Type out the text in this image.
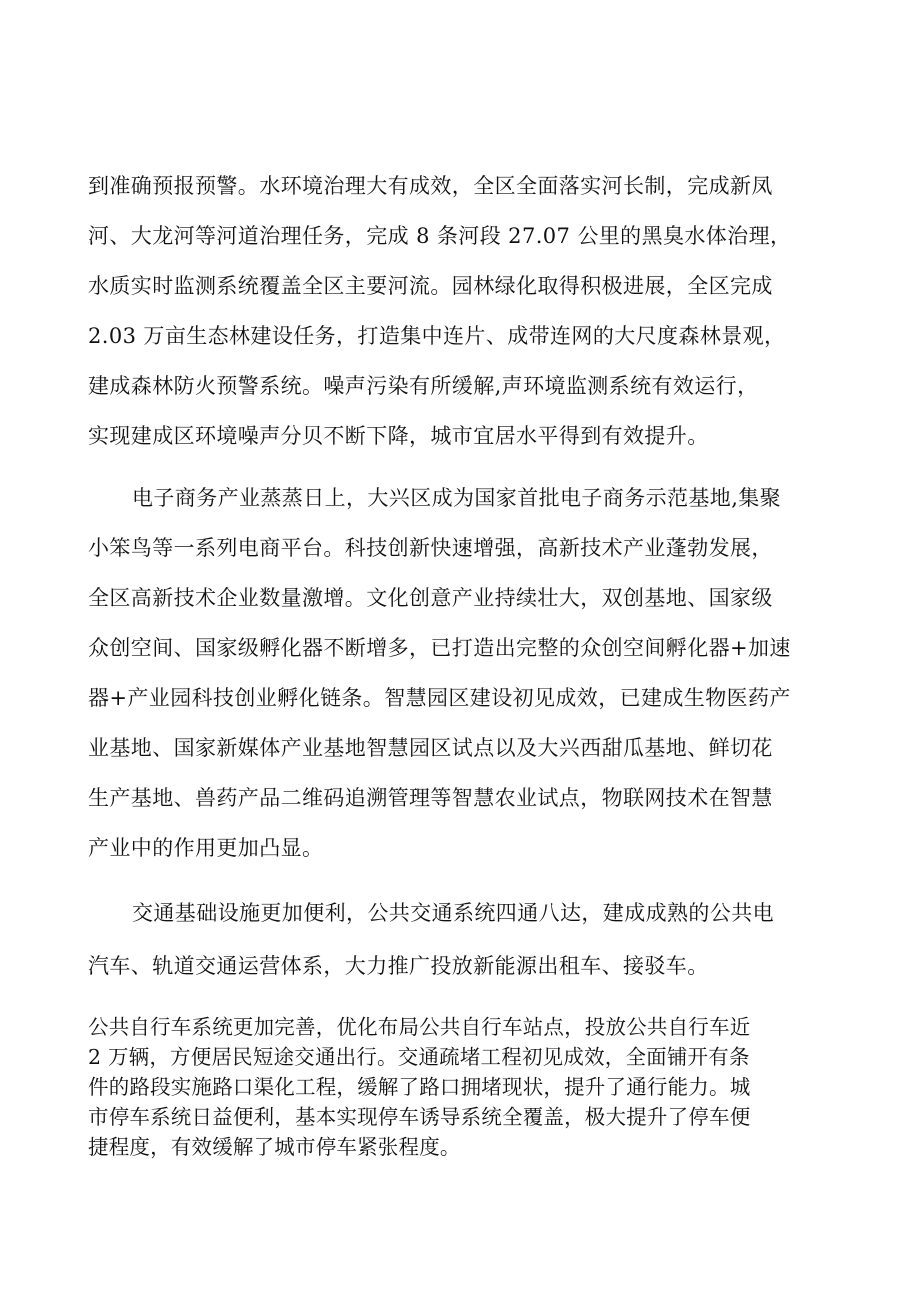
到准确预报预警。水环境治理大有成效，全区全面落实河长制，完成新凤
河、大龙河等河道治理任务，完成 8 条河段 27.07 公里的黑臭水体治理，
水质实时监测系统覆盖全区主要河流。园林绿化取得积极进展，全区完成
2.03 万亩生态林建设任务，打造集中连片、成带连网的大尺度森林景观，
建成森林防火预警系统。噪声污染有所缓解,声环境监测系统有效运行，
实现建成区环境噪声分贝不断下降，城市宜居水平得到有效提升。
电子商务产业蒸蒸日上，大兴区成为国家首批电子商务示范基地,集聚
小笨鸟等一系列电商平台。科技创新快速增强，高新技术产业蓬勃发展，
全区高新技术企业数量激增。文化创意产业持续壮大，双创基地、国家级
众创空间、国家级孵化器不断增多，已打造出完整的众创空间孵化器+加速
器+产业园科技创业孵化链条。智慧园区建设初见成效，已建成生物医药产
业基地、国家新媒体产业基地智慧园区试点以及大兴西甜瓜基地、鲜切花
生产基地、兽药产品二维码追溯管理等智慧农业试点，物联网技术在智慧
产业中的作用更加凸显。
交通基础设施更加便利，公共交通系统四通八达，建成成熟的公共电
汽车、轨道交通运营体系，大力推广投放新能源出租车、接驳车。
公共自行车系统更加完善，优化布局公共自行车站点，投放公共自行车近
2 万辆，方便居民短途交通出行。交通疏堵工程初见成效，全面铺开有条
件的路段实施路口渠化工程，缓解了路口拥堵现状，提升了通行能力。城
市停车系统日益便利，基本实现停车诱导系统全覆盖，极大提升了停车便
捷程度，有效缓解了城市停车紧张程度。
